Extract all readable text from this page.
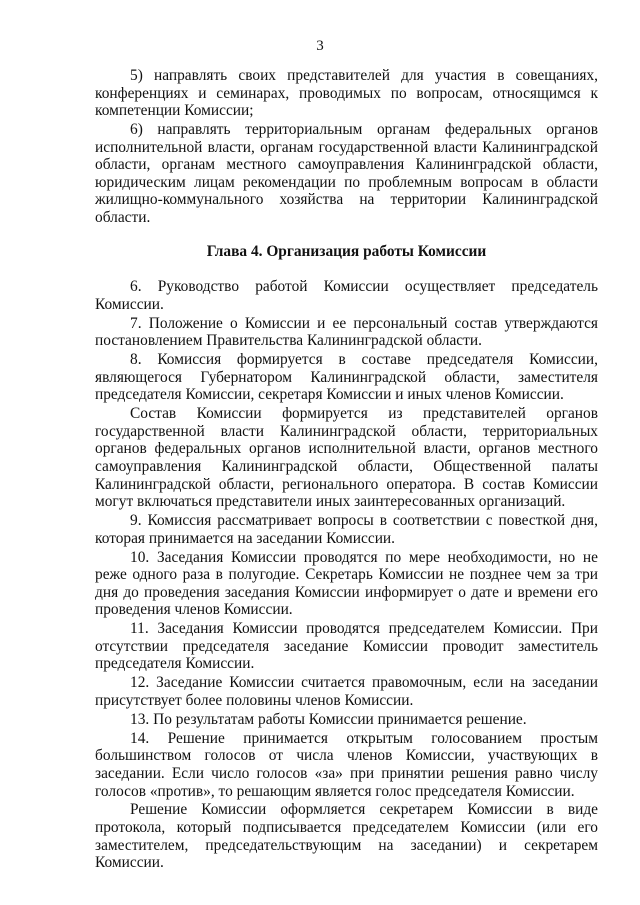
3

5) направлять своих представителей для участия в совещаниях, конференциях и семинарах, проводимых по вопросам, относящимся к компетенции Комиссии;

6) направлять территориальным органам федеральных органов исполнительной власти, органам государственной власти Калининградской области, органам местного самоуправления Калининградской области, юридическим лицам рекомендации по проблемным вопросам в области жилищно-коммунального хозяйства на территории Калининградской области.

Глава 4. Организация работы Комиссии

6. Руководство работой Комиссии осуществляет председатель Комиссии.

7. Положение о Комиссии и ее персональный состав утверждаются постановлением Правительства Калининградской области.

8. Комиссия формируется в составе председателя Комиссии, являющегося Губернатором Калининградской области, заместителя председателя Комиссии, секретаря Комиссии и иных членов Комиссии.

Состав Комиссии формируется из представителей органов государственной власти Калининградской области, территориальных органов федеральных органов исполнительной власти, органов местного самоуправления Калининградской области, Общественной палаты Калининградской области, регионального оператора. В состав Комиссии могут включаться представители иных заинтересованных организаций.

9. Комиссия рассматривает вопросы в соответствии с повесткой дня, которая принимается на заседании Комиссии.

10. Заседания Комиссии проводятся по мере необходимости, но не реже одного раза в полугодие. Секретарь Комиссии не позднее чем за три дня до проведения заседания Комиссии информирует о дате и времени его проведения членов Комиссии.

11. Заседания Комиссии проводятся председателем Комиссии. При отсутствии председателя заседание Комиссии проводит заместитель председателя Комиссии.

12. Заседание Комиссии считается правомочным, если на заседании присутствует более половины членов Комиссии.

13. По результатам работы Комиссии принимается решение.

14. Решение принимается открытым голосованием простым большинством голосов от числа членов Комиссии, участвующих в заседании. Если число голосов «за» при принятии решения равно числу голосов «против», то решающим является голос председателя Комиссии.

Решение Комиссии оформляется секретарем Комиссии в виде протокола, который подписывается председателем Комиссии (или его заместителем, председательствующим на заседании) и секретарем Комиссии.
